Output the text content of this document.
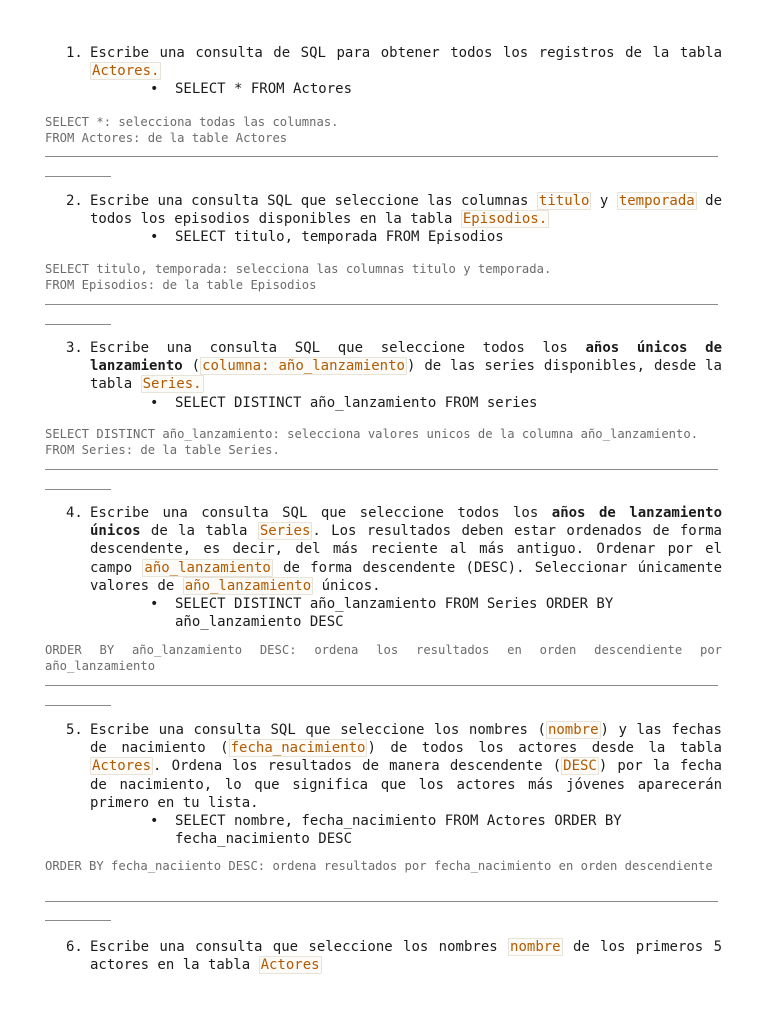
1. Escribe una consulta de SQL para obtener todos los registros de la tabla Actores.
• SELECT * FROM Actores
SELECT *: selecciona todas las columnas.
FROM Actores: de la table Actores
2. Escribe una consulta SQL que seleccione las columnas titulo y temporada de todos los episodios disponibles en la tabla Episodios.
• SELECT titulo, temporada FROM Episodios
SELECT titulo, temporada: selecciona las columnas titulo y temporada.
FROM Episodios: de la table Episodios
3. Escribe una consulta SQL que seleccione todos los años únicos de lanzamiento ( columna: año_lanzamiento ) de las series disponibles, desde la tabla Series.
• SELECT DISTINCT año_lanzamiento FROM series
SELECT DISTINCT año_lanzamiento: selecciona valores unicos de la columna año_lanzamiento.
FROM Series: de la table Series.
4. Escribe una consulta SQL que seleccione todos los años de lanzamiento únicos de la tabla Series . Los resultados deben estar ordenados de forma descendente, es decir, del más reciente al más antiguo. Ordenar por el campo año_lanzamiento de forma descendente (DESC). Seleccionar únicamente valores de año_lanzamiento únicos.
• SELECT DISTINCT año_lanzamiento FROM Series ORDER BY año_lanzamiento DESC
ORDER BY año_lanzamiento DESC: ordena los resultados en orden descendiente por año_lanzamiento
5. Escribe una consulta SQL que seleccione los nombres ( nombre ) y las fechas de nacimiento ( fecha_nacimiento ) de todos los actores desde la tabla Actores . Ordena los resultados de manera descendente ( DESC ) por la fecha de nacimiento, lo que significa que los actores más jóvenes aparecerán primero en tu lista.
• SELECT nombre, fecha_nacimiento FROM Actores ORDER BY fecha_nacimiento DESC
ORDER BY fecha_naciiento DESC: ordena resultados por fecha_nacimiento en orden descendiente
6. Escribe una consulta que seleccione los nombres nombre de los primeros 5 actores en la tabla Actores
